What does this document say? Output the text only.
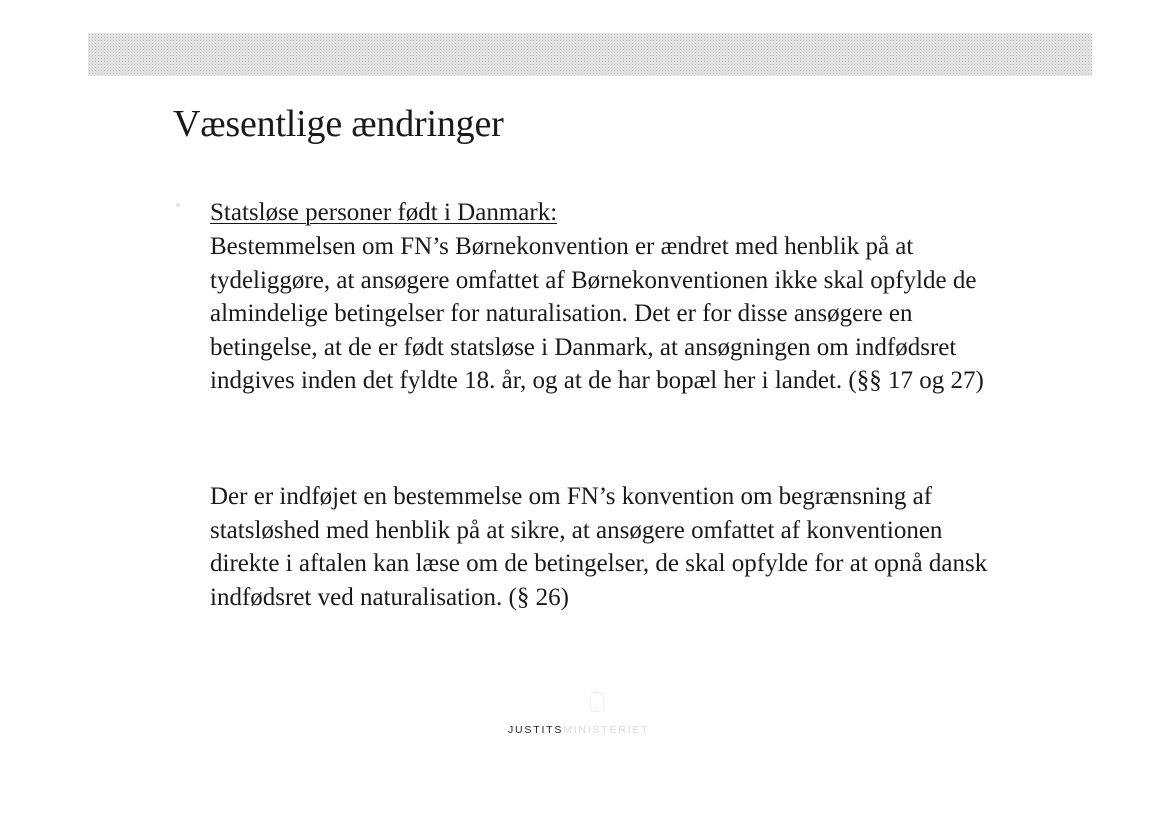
Væsentlige ændringer
Statsløse personer født i Danmark:

Bestemmelsen om FN’s Børnekonvention er ændret med henblik på at tydeliggøre, at ansøgere omfattet af Børnekonventionen ikke skal opfylde de almindelige betingelser for naturalisation. Det er for disse ansøgere en betingelse, at de er født statsløse i Danmark, at ansøgningen om indfødsret indgives inden det fyldte 18. år, og at de har bopæl her i landet. (§§ 17 og 27)

Der er indføjet en bestemmelse om FN’s konvention om begrænsning af statsløshed med henblik på at sikre, at ansøgere omfattet af konventionen direkte i aftalen kan læse om de betingelser, de skal opfylde for at opnå dansk indfødsret ved naturalisation. (§ 26)

JUSTITSMINISTERIET
